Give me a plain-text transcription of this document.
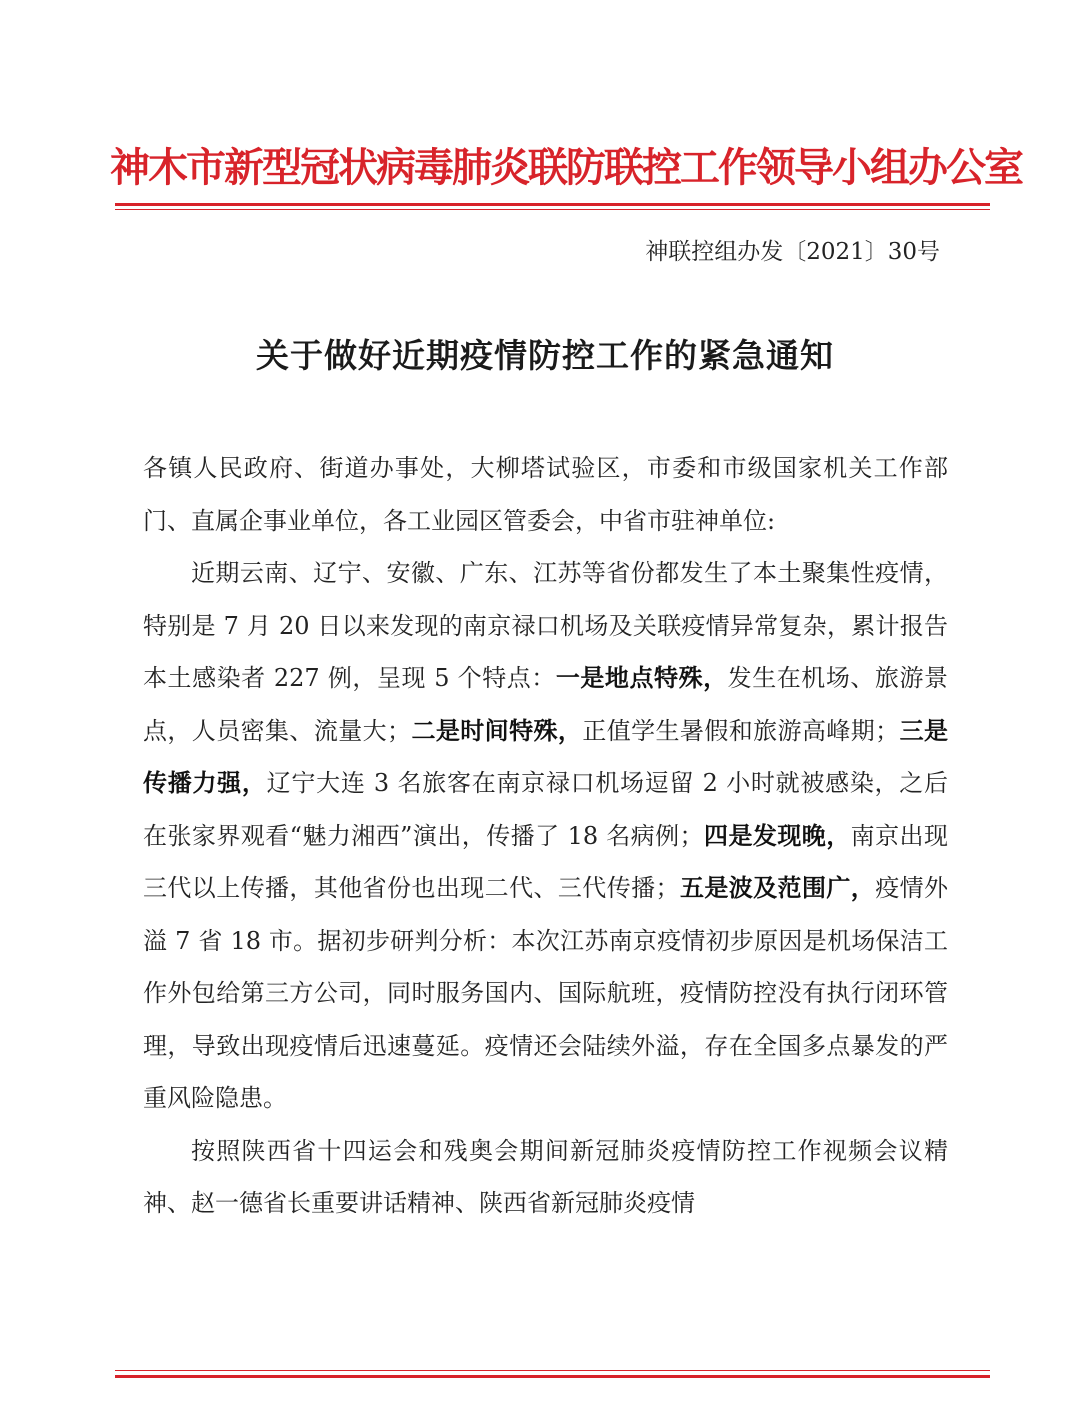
神木市新型冠状病毒肺炎联防联控工作领导小组办公室
神联控组办发〔2021〕30号
关于做好近期疫情防控工作的紧急通知

各镇人民政府、街道办事处，大柳塔试验区，市委和市级国家机关工作部门、直属企事业单位，各工业园区管委会，中省市驻神单位:

近期云南、辽宁、安徽、广东、江苏等省份都发生了本土聚集性疫情，特别是 7 月 20 日以来发现的南京禄口机场及关联疫情异常复杂，累计报告本土感染者 227 例，呈现 5 个特点：一是地点特殊，发生在机场、旅游景点，人员密集、流量大；二是时间特殊，正值学生暑假和旅游高峰期；三是传播力强，辽宁大连 3 名旅客在南京禄口机场逗留 2 小时就被感染，之后在张家界观看“魅力湘西”演出，传播了 18 名病例；四是发现晚，南京出现三代以上传播，其他省份也出现二代、三代传播；五是波及范围广，疫情外溢 7 省 18 市。据初步研判分析：本次江苏南京疫情初步原因是机场保洁工作外包给第三方公司，同时服务国内、国际航班，疫情防控没有执行闭环管理，导致出现疫情后迅速蔓延。疫情还会陆续外溢，存在全国多点暴发的严重风险隐患。

按照陕西省十四运会和残奥会期间新冠肺炎疫情防控工作视频会议精神、赵一德省长重要讲话精神、陕西省新冠肺炎疫情
